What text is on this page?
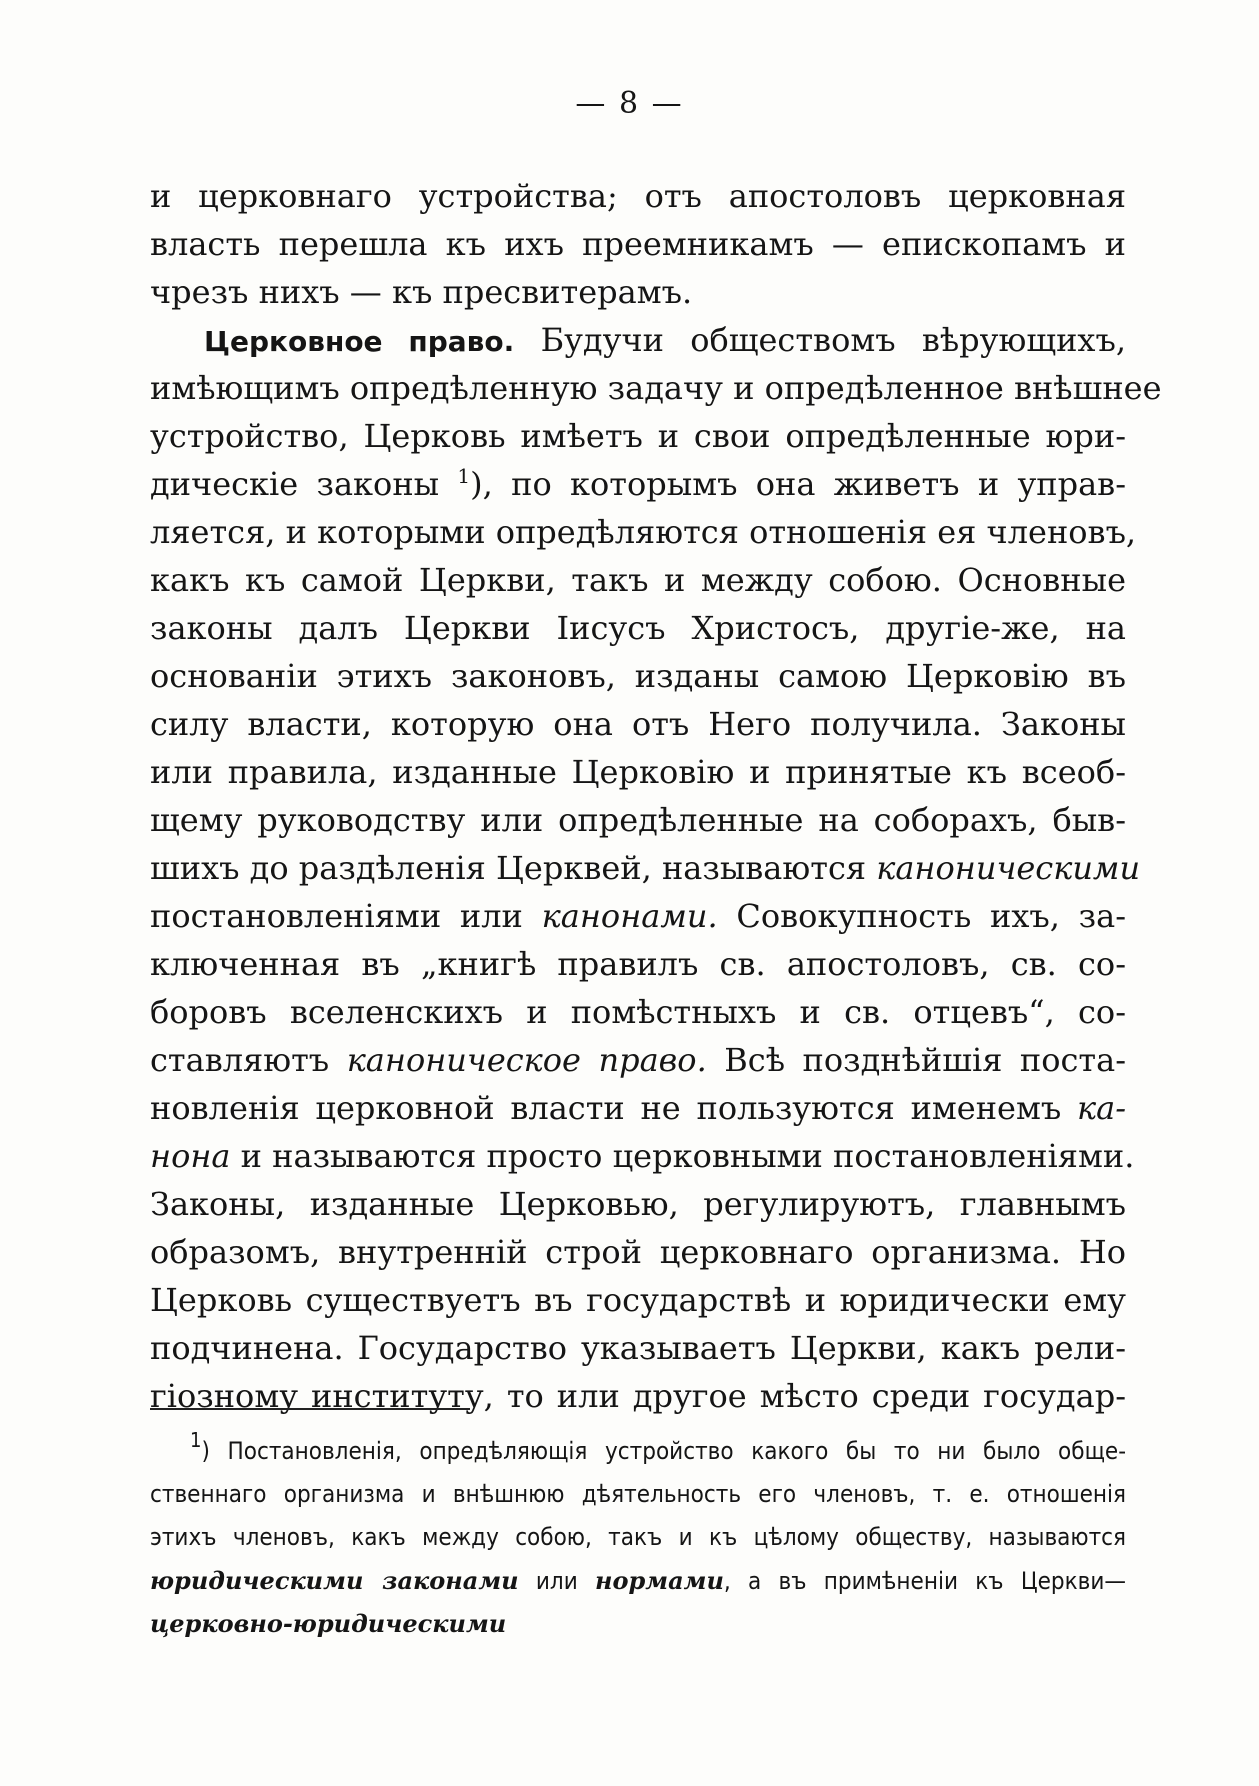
— 8 —
и церковнаго устройства; отъ апостоловъ церковная
власть перешла къ ихъ преемникамъ — епископамъ и
чрезъ нихъ — къ пресвитерамъ.
Церковное право. Будучи обществомъ вѣрующихъ,
имѣющимъ опредѣленную задачу и опредѣленное внѣшнее
устройство, Церковь имѣетъ и свои опредѣленные юри-
дическіе законы $^1$), по которымъ она живетъ и управ-
ляется, и которыми опредѣляются отношенія ея членовъ,
какъ къ самой Церкви, такъ и между собою. Основные
законы далъ Церкви Іисусъ Христосъ, другіе-же, на
основаніи этихъ законовъ, изданы самою Церковію въ
силу власти, которую она отъ Него получила. Законы
или правила, изданные Церковію и принятые къ всеоб-
щему руководству или опредѣленные на соборахъ, быв-
шихъ до раздѣленія Церквей, называются каноническими
постановленіями или канонами. Совокупность ихъ, за-
ключенная въ „книгѣ правилъ св. апостоловъ, св. со-
боровъ вселенскихъ и помѣстныхъ и св. отцевъ“, со-
ставляютъ каноническое право. Всѣ позднѣйшія поста-
новленія церковной власти не пользуются именемъ ка-
нона и называются просто церковными постановленіями.
Законы, изданные Церковью, регулируютъ, главнымъ
образомъ, внутренній строй церковнаго организма. Но
Церковь существуетъ въ государствѣ и юридически ему
подчинена. Государство указываетъ Церкви, какъ рели-
гіозному институту, то или другое мѣсто среди государ-
$^1$) Постановленія, опредѣляющія устройство какого бы то ни было обще-
ственнаго организма и внѣшнюю дѣятельность его членовъ, т. е. отношенія
этихъ членовъ, какъ между собою, такъ и къ цѣлому обществу, называются
юридическими законами или нормами, а въ примѣненіи къ Церкви—
церковно-юридическими
